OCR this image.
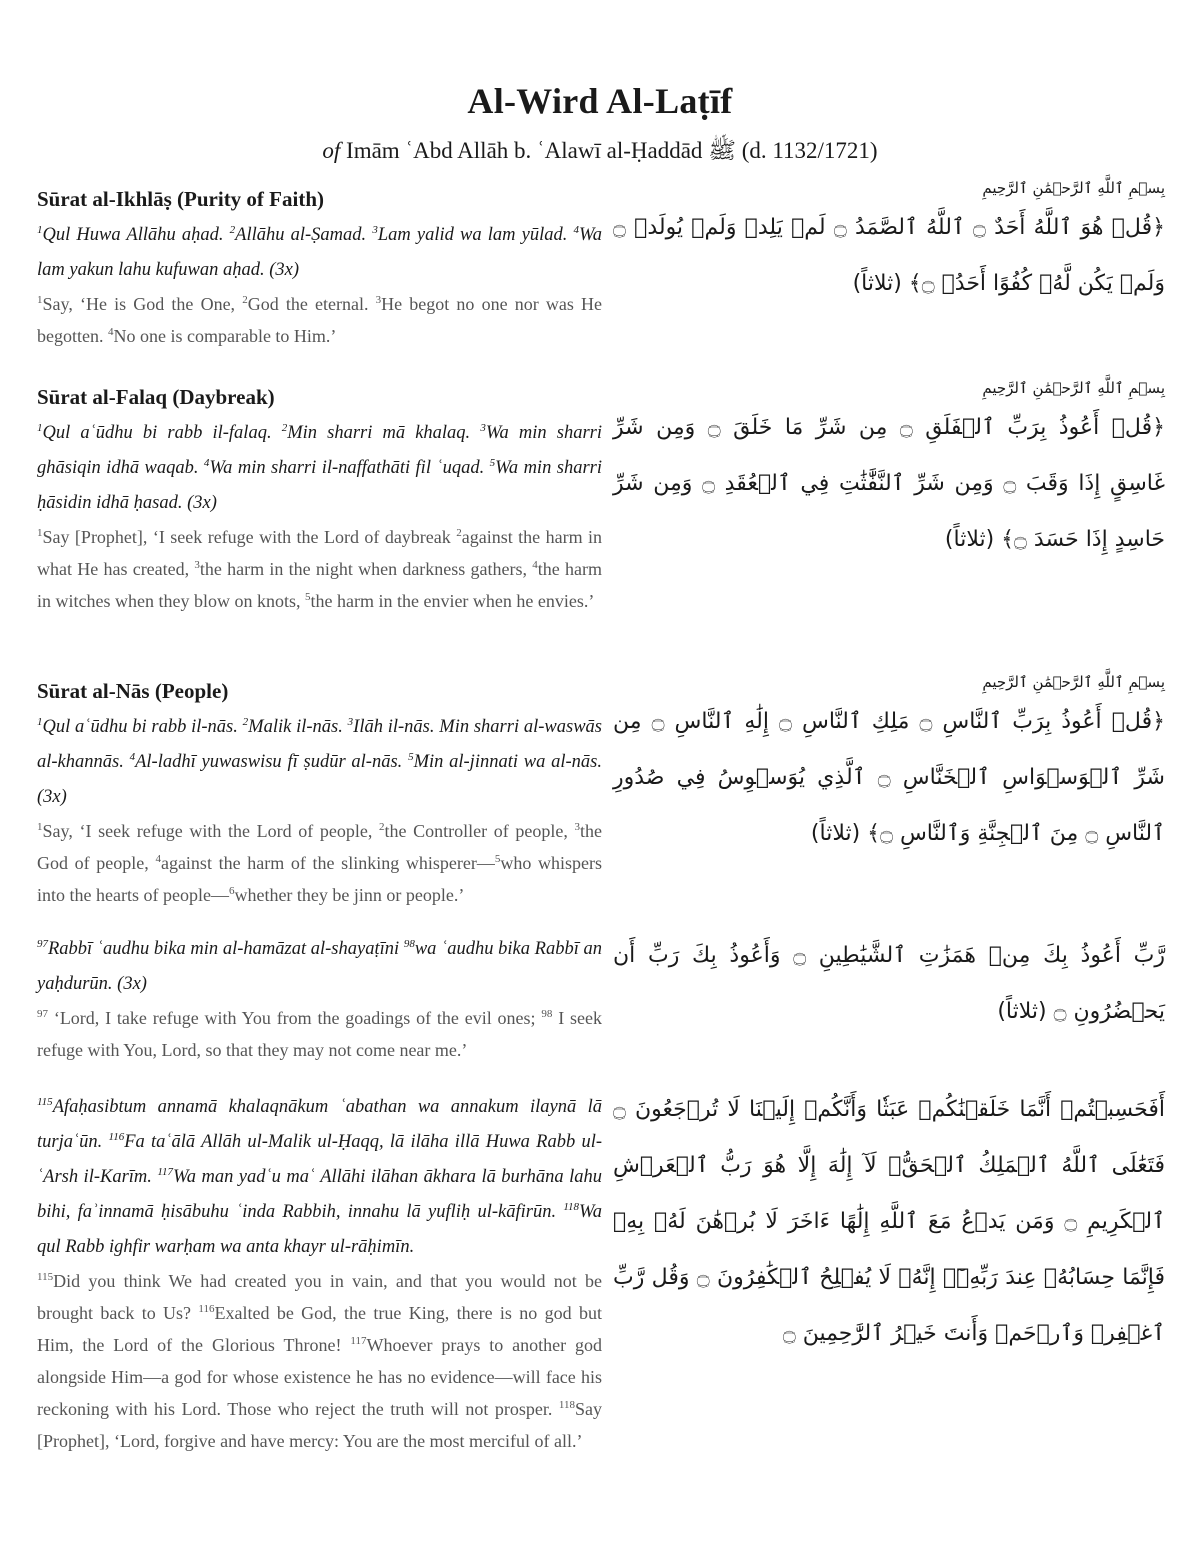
Al-Wird Al-Laṭīf
of Imām ʿAbd Allāh b. ʿAlawī al-Ḥaddād ﷺ (d. 1132/1721)

Sūrat al-Ikhlāṣ (Purity of Faith)

$^1$Qul Huwa Allāhu aḥad. $^2$Allāhu al-Ṣamad. $^3$Lam yalid wa lam yūlad. $^4$Wa lam yakun lahu kufuwan aḥad. (3x)

$^1$Say, ‘He is God the One, $^2$God the eternal. $^3$He begot no one nor was He begotten. $^4$No one is comparable to Him.’

بِسۡمِ ٱللَّهِ ٱلرَّحۡمَٰنِ ٱلرَّحِيمِ

﴿قُلۡ هُوَ ٱللَّهُ أَحَدٌ ۝ ٱللَّهُ ٱلصَّمَدُ ۝ لَمۡ يَلِدۡ وَلَمۡ يُولَدۡ ۝ وَلَمۡ يَكُن لَّهُۥ كُفُوًا أَحَدُۢ ۝﴾ (ثلاثاً)

Sūrat al-Falaq (Daybreak)

$^1$Qul aʿūdhu bi rabb il-falaq. $^2$Min sharri mā khalaq. $^3$Wa min sharri ghāsiqin idhā waqab. $^4$Wa min sharri il-naffathāti fil ʿuqad. $^5$Wa min sharri ḥāsidin idhā ḥasad. (3x)

$^1$Say [Prophet], ‘I seek refuge with the Lord of daybreak $^2$against the harm in what He has created, $^3$the harm in the night when darkness gathers, $^4$the harm in witches when they blow on knots, $^5$the harm in the envier when he envies.’

بِسۡمِ ٱللَّهِ ٱلرَّحۡمَٰنِ ٱلرَّحِيمِ

﴿قُلۡ أَعُوذُ بِرَبِّ ٱلۡفَلَقِ ۝ مِن شَرِّ مَا خَلَقَ ۝ وَمِن شَرِّ غَاسِقٍ إِذَا وَقَبَ ۝ وَمِن شَرِّ ٱلنَّفَّٰثَٰتِ فِي ٱلۡعُقَدِ ۝ وَمِن شَرِّ حَاسِدٍ إِذَا حَسَدَ ۝﴾ (ثلاثاً)

Sūrat al-Nās (People)

$^1$Qul aʿūdhu bi rabb il-nās. $^2$Malik il-nās. $^3$Ilāh il-nās. Min sharri al-waswās al-khannās. $^4$Al-ladhī yuwaswisu fī ṣudūr al-nās. $^5$Min al-jinnati wa al-nās. (3x)

$^1$Say, ‘I seek refuge with the Lord of people, $^2$the Controller of people, $^3$the God of people, $^4$against the harm of the slinking whisperer—$^5$who whispers into the hearts of people—$^6$whether they be jinn or people.’

بِسۡمِ ٱللَّهِ ٱلرَّحۡمَٰنِ ٱلرَّحِيمِ

﴿قُلۡ أَعُوذُ بِرَبِّ ٱلنَّاسِ ۝ مَلِكِ ٱلنَّاسِ ۝ إِلَٰهِ ٱلنَّاسِ ۝ مِن شَرِّ ٱلۡوَسۡوَاسِ ٱلۡخَنَّاسِ ۝ ٱلَّذِي يُوَسۡوِسُ فِي صُدُورِ ٱلنَّاسِ ۝ مِنَ ٱلۡجِنَّةِ وَٱلنَّاسِ ۝﴾ (ثلاثاً)

$^{97}$Rabbī ʿaudhu bika min al-hamāzat al-shayaṭīni $^{98}$wa ʿaudhu bika Rabbī an yaḥdurūn. (3x)

$^{97}$ ‘Lord, I take refuge with You from the goadings of the evil ones; $^{98}$ I seek refuge with You, Lord, so that they may not come near me.’

رَّبِّ أَعُوذُ بِكَ مِنۡ هَمَزَٰتِ ٱلشَّيَٰطِينِ ۝ وَأَعُوذُ بِكَ رَبِّ أَن يَحۡضُرُونِ ۝ (ثلاثاً)

$^{115}$Afaḥasibtum annamā khalaqnākum ʿabathan wa annakum ilaynā lā turjaʿūn. $^{116}$Fa taʿālā Allāh ul-Malik ul-Ḥaqq, lā ilāha illā Huwa Rabb ul-ʿArsh il-Karīm. $^{117}$Wa man yadʿu maʿ Allāhi ilāhan ākhara lā burhāna lahu bihi, faʾinnamā ḥisābuhu ʿinda Rabbih, innahu lā yufliḥ ul-kāfirūn. $^{118}$Wa qul Rabb ighfir warḥam wa anta khayr ul-rāḥimīn.

$^{115}$Did you think We had created you in vain, and that you would not be brought back to Us? $^{116}$Exalted be God, the true King, there is no god but Him, the Lord of the Glorious Throne! $^{117}$Whoever prays to another god alongside Him—a god for whose existence he has no evidence—will face his reckoning with his Lord. Those who reject the truth will not prosper. $^{118}$Say [Prophet], ‘Lord, forgive and have mercy: You are the most merciful of all.’

أَفَحَسِبۡتُمۡ أَنَّمَا خَلَقۡنَٰكُمۡ عَبَثٗا وَأَنَّكُمۡ إِلَيۡنَا لَا تُرۡجَعُونَ ۝ فَتَعَٰلَى ٱللَّهُ ٱلۡمَلِكُ ٱلۡحَقُّۖ لَآ إِلَٰهَ إِلَّا هُوَ رَبُّ ٱلۡعَرۡشِ ٱلۡكَرِيمِ ۝ وَمَن يَدۡعُ مَعَ ٱللَّهِ إِلَٰهًا ءَاخَرَ لَا بُرۡهَٰنَ لَهُۥ بِهِۦ فَإِنَّمَا حِسَابُهُۥ عِندَ رَبِّهِۦٓۚ إِنَّهُۥ لَا يُفۡلِحُ ٱلۡكَٰفِرُونَ ۝ وَقُل رَّبِّ ٱغۡفِرۡ وَٱرۡحَمۡ وَأَنتَ خَيۡرُ ٱلرَّٰحِمِينَ ۝
